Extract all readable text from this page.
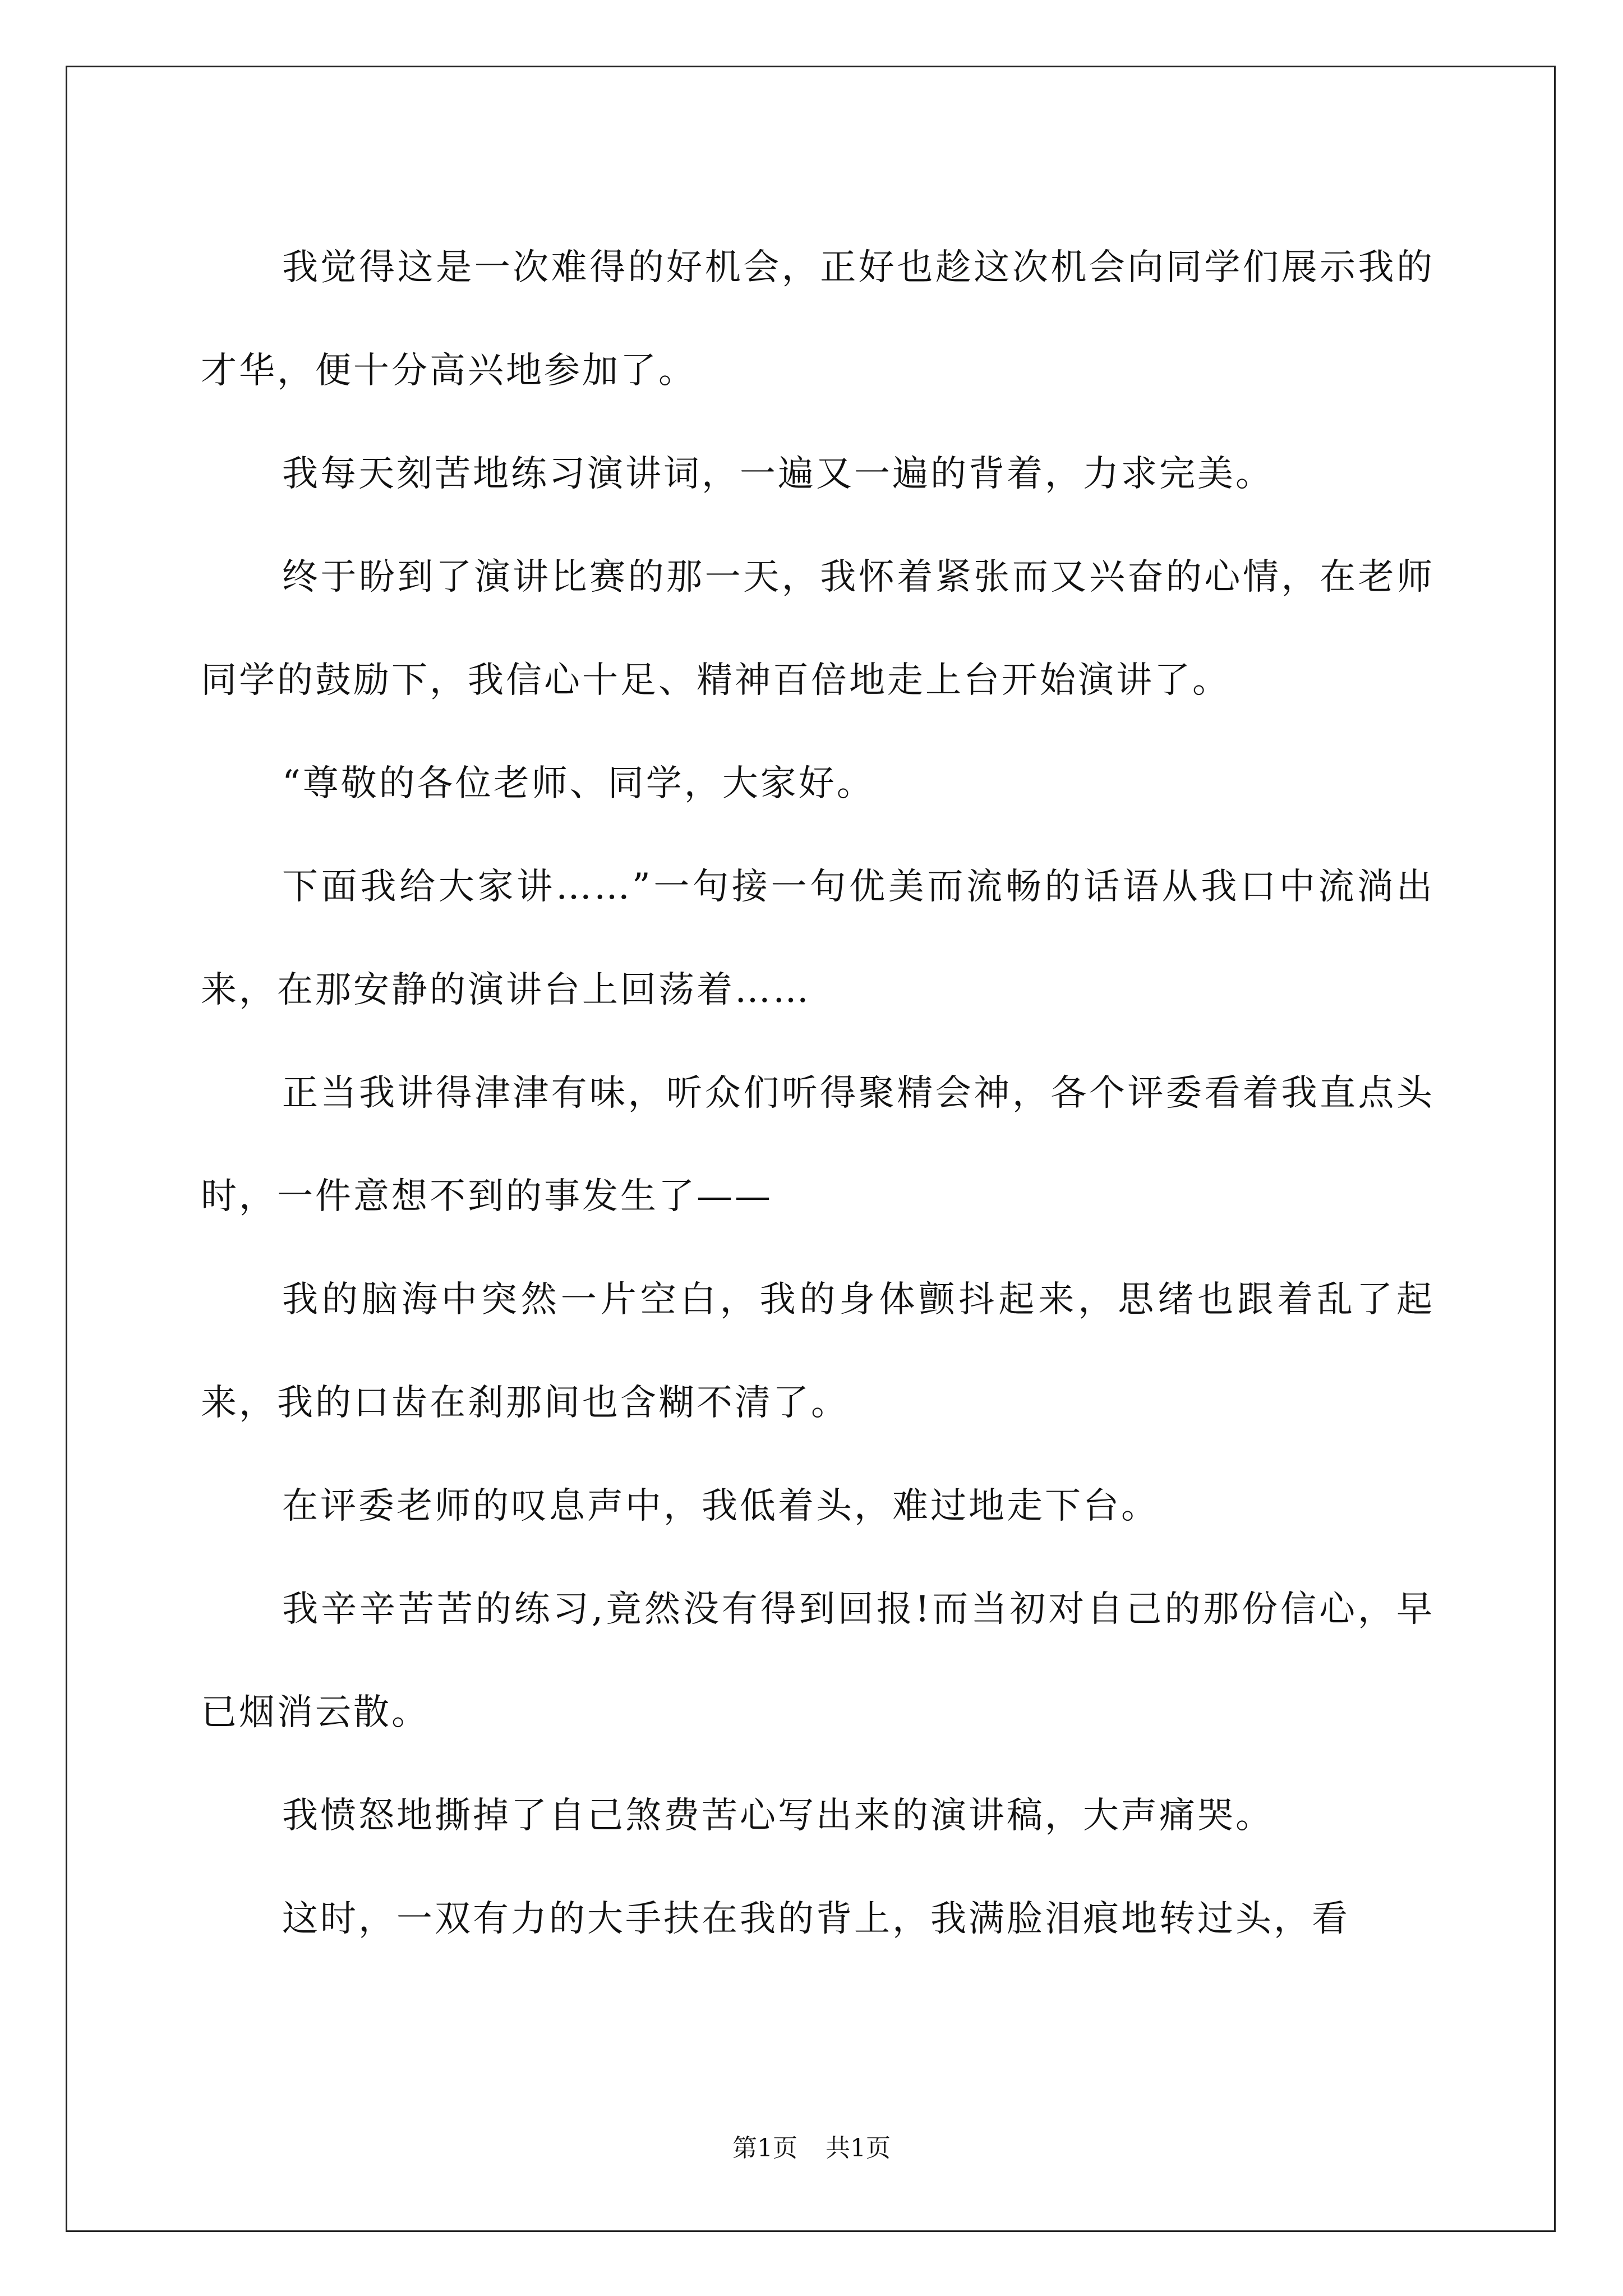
我觉得这是一次难得的好机会，正好也趁这次机会向同学们展示我的才华，便十分高兴地参加了。

我每天刻苦地练习演讲词，一遍又一遍的背着，力求完美。

终于盼到了演讲比赛的那一天，我怀着紧张而又兴奋的心情，在老师同学的鼓励下，我信心十足、精神百倍地走上台开始演讲了。

“尊敬的各位老师、同学，大家好。

下面我给大家讲……”一句接一句优美而流畅的话语从我口中流淌出来，在那安静的演讲台上回荡着……

正当我讲得津津有味，听众们听得聚精会神，各个评委看着我直点头时，一件意想不到的事发生了——

我的脑海中突然一片空白，我的身体颤抖起来，思绪也跟着乱了起来，我的口齿在刹那间也含糊不清了。

在评委老师的叹息声中，我低着头，难过地走下台。

我辛辛苦苦的练习,竟然没有得到回报!而当初对自己的那份信心，早已烟消云散。

我愤怒地撕掉了自己煞费苦心写出来的演讲稿，大声痛哭。

这时，一双有力的大手扶在我的背上，我满脸泪痕地转过头，看

第1页 共1页
